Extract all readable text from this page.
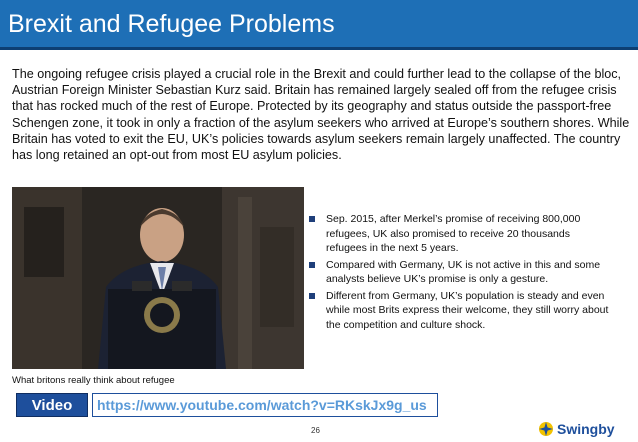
Brexit and Refugee Problems

The ongoing refugee crisis played a crucial role in the Brexit and could further lead to the collapse of the bloc, Austrian Foreign Minister Sebastian Kurz said. Britain has remained largely sealed off from the refugee crisis that has rocked much of the rest of Europe. Protected by its geography and status outside the passport-free Schengen zone, it took in only a fraction of the asylum seekers who arrived at Europe’s southern shores. While Britain has voted to exit the EU, UK’s policies towards asylum seekers remain largely unaffected. The country has long retained an opt-out from most EU asylum policies.

Sep. 2015, after Merkel’s promise of receiving 800,000 refugees, UK also promised to receive 20 thousands refugees in the next 5 years.
Compared with Germany, UK is not active in this and some analysts believe UK’s promise is only a gesture.
Different from Germany, UK’s population is steady and even while most Brits express their welcome, they still worry about the competition and culture shock.
What britons really think about refugee
Video	https://www.youtube.com/watch?v=RKskJx9g_us
26	Swingby
